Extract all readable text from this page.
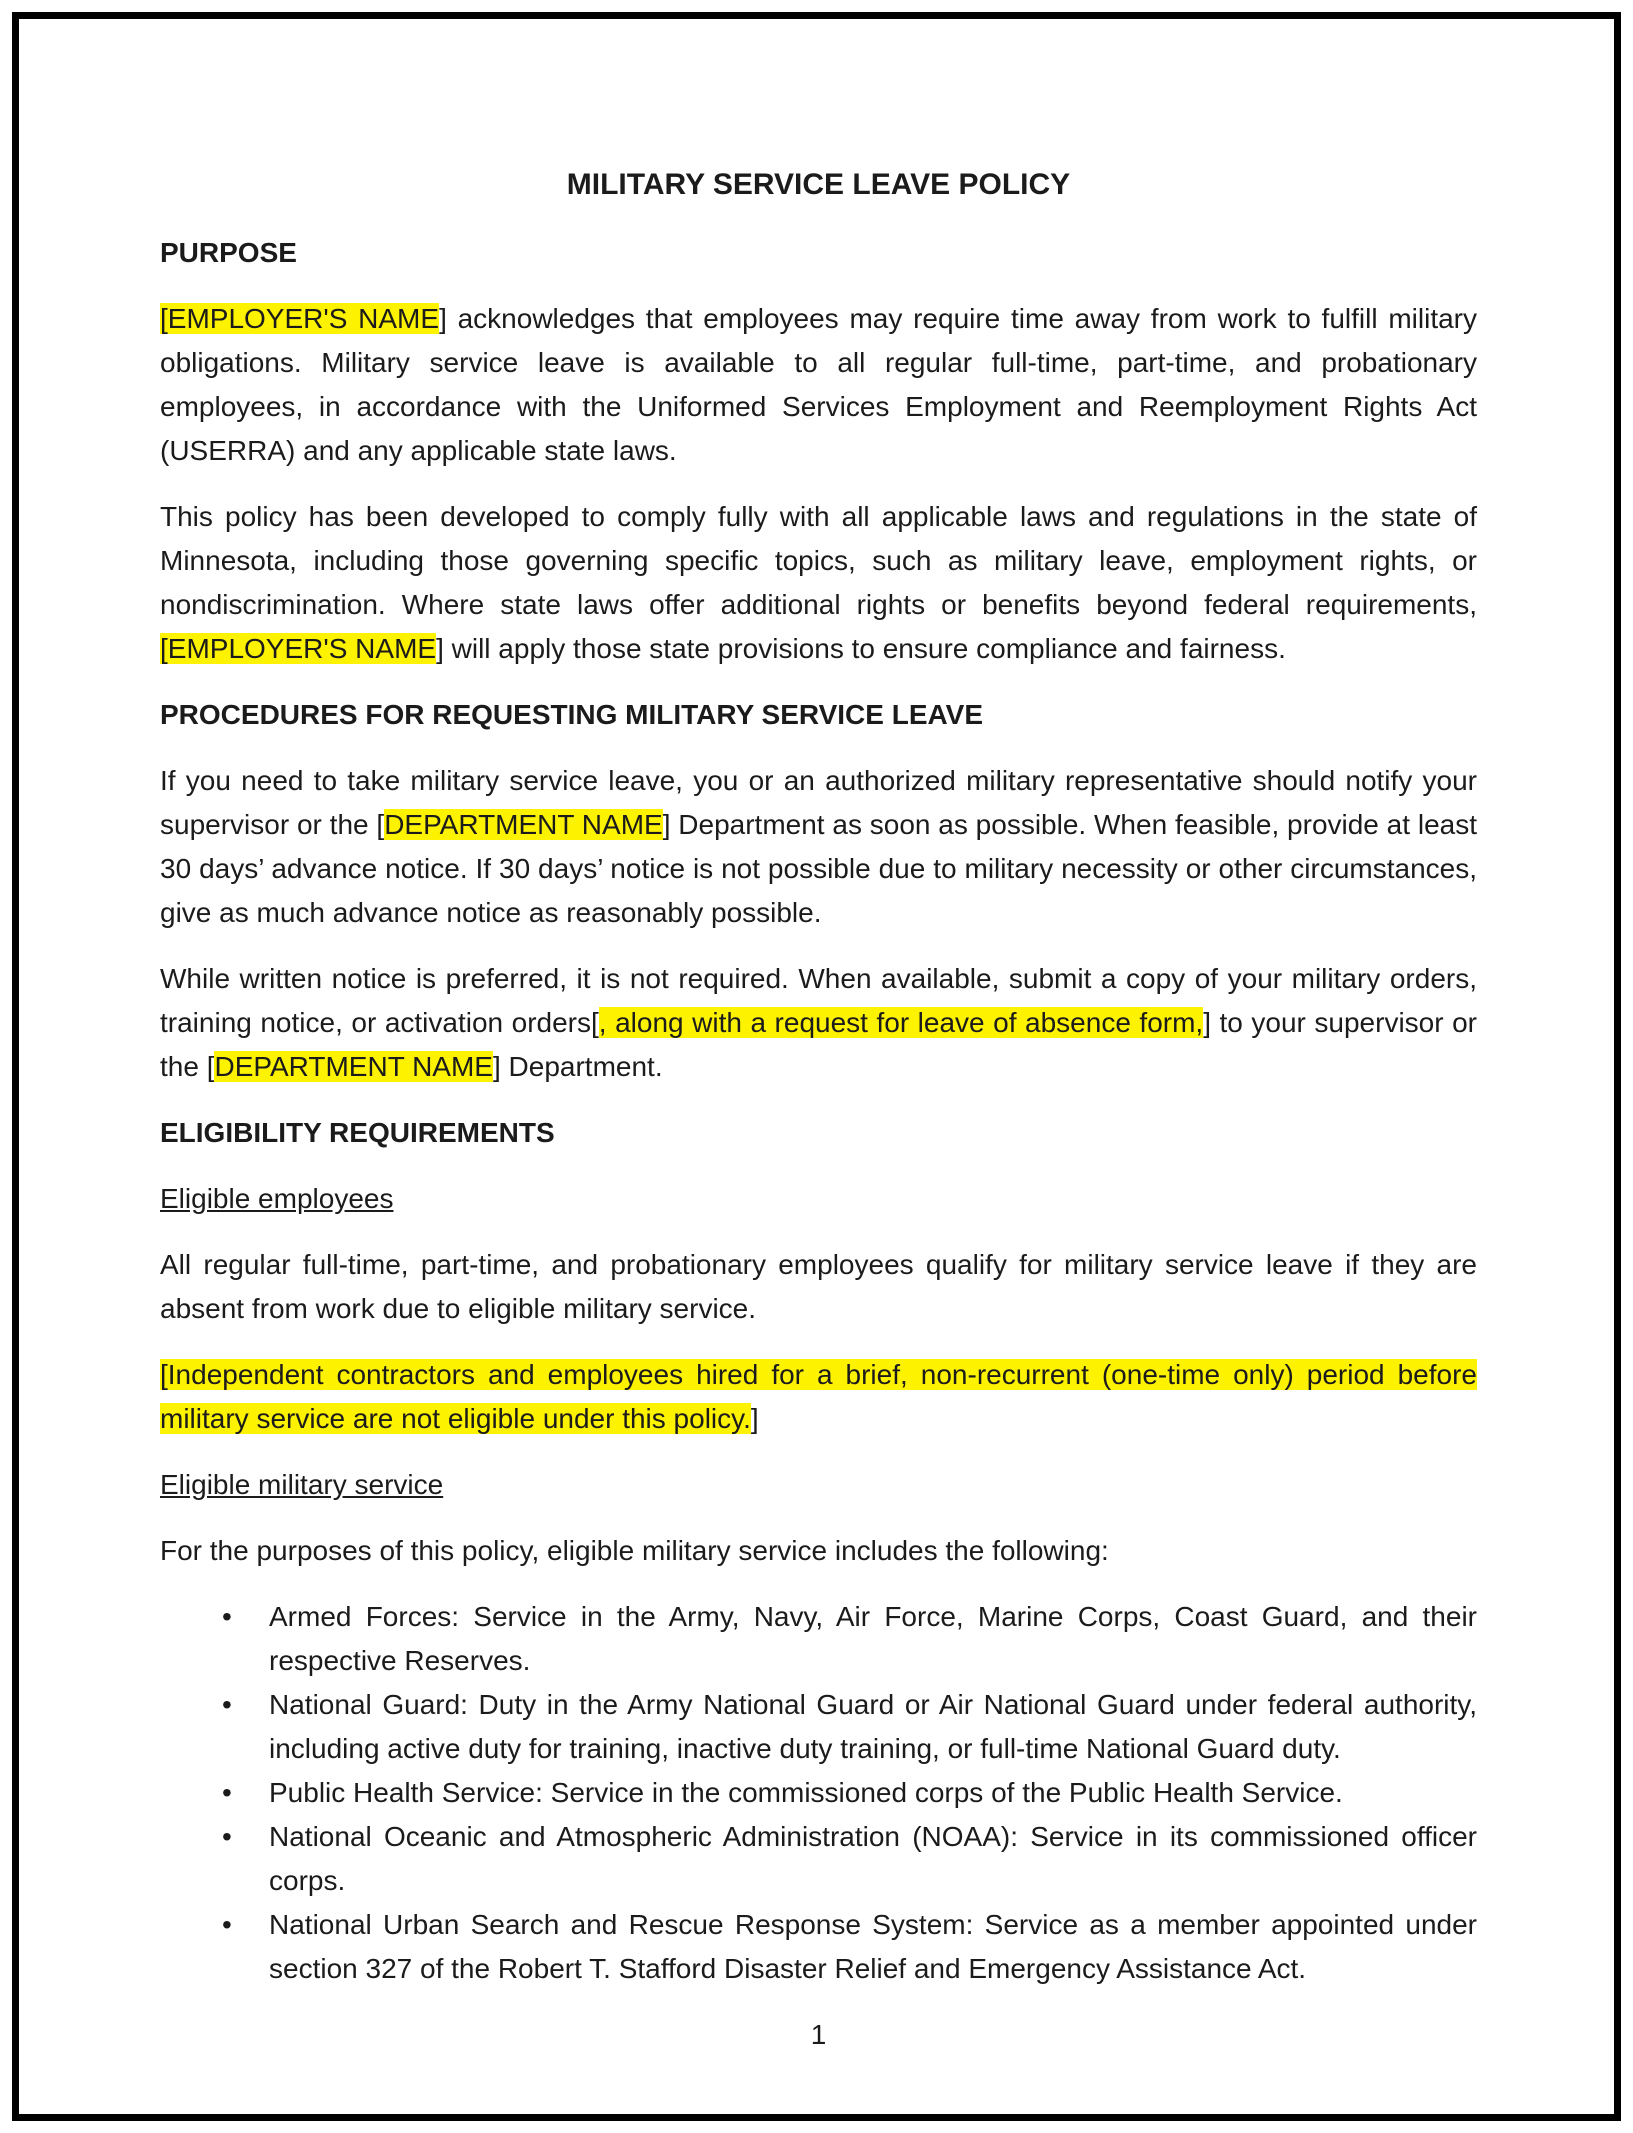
MILITARY SERVICE LEAVE POLICY
PURPOSE

[EMPLOYER'S NAME] acknowledges that employees may require time away from work to fulfill military obligations. Military service leave is available to all regular full-time, part-time, and probationary employees, in accordance with the Uniformed Services Employment and Reemployment Rights Act (USERRA) and any applicable state laws.

This policy has been developed to comply fully with all applicable laws and regulations in the state of Minnesota, including those governing specific topics, such as military leave, employment rights, or nondiscrimination. Where state laws offer additional rights or benefits beyond federal requirements, [EMPLOYER'S NAME] will apply those state provisions to ensure compliance and fairness.

PROCEDURES FOR REQUESTING MILITARY SERVICE LEAVE

If you need to take military service leave, you or an authorized military representative should notify your supervisor or the [DEPARTMENT NAME] Department as soon as possible. When feasible, provide at least 30 days’ advance notice. If 30 days’ notice is not possible due to military necessity or other circumstances, give as much advance notice as reasonably possible.

While written notice is preferred, it is not required. When available, submit a copy of your military orders, training notice, or activation orders[, along with a request for leave of absence form,] to your supervisor or the [DEPARTMENT NAME] Department.

ELIGIBILITY REQUIREMENTS
Eligible employees

All regular full-time, part-time, and probationary employees qualify for military service leave if they are absent from work due to eligible military service.

[Independent contractors and employees hired for a brief, non-recurrent (one-time only) period before military service are not eligible under this policy.]

Eligible military service

For the purposes of this policy, eligible military service includes the following:

• Armed Forces: Service in the Army, Navy, Air Force, Marine Corps, Coast Guard, and their respective Reserves.
• National Guard: Duty in the Army National Guard or Air National Guard under federal authority, including active duty for training, inactive duty training, or full-time National Guard duty.
• Public Health Service: Service in the commissioned corps of the Public Health Service.
• National Oceanic and Atmospheric Administration (NOAA): Service in its commissioned officer corps.
• National Urban Search and Rescue Response System: Service as a member appointed under section 327 of the Robert T. Stafford Disaster Relief and Emergency Assistance Act.

1
